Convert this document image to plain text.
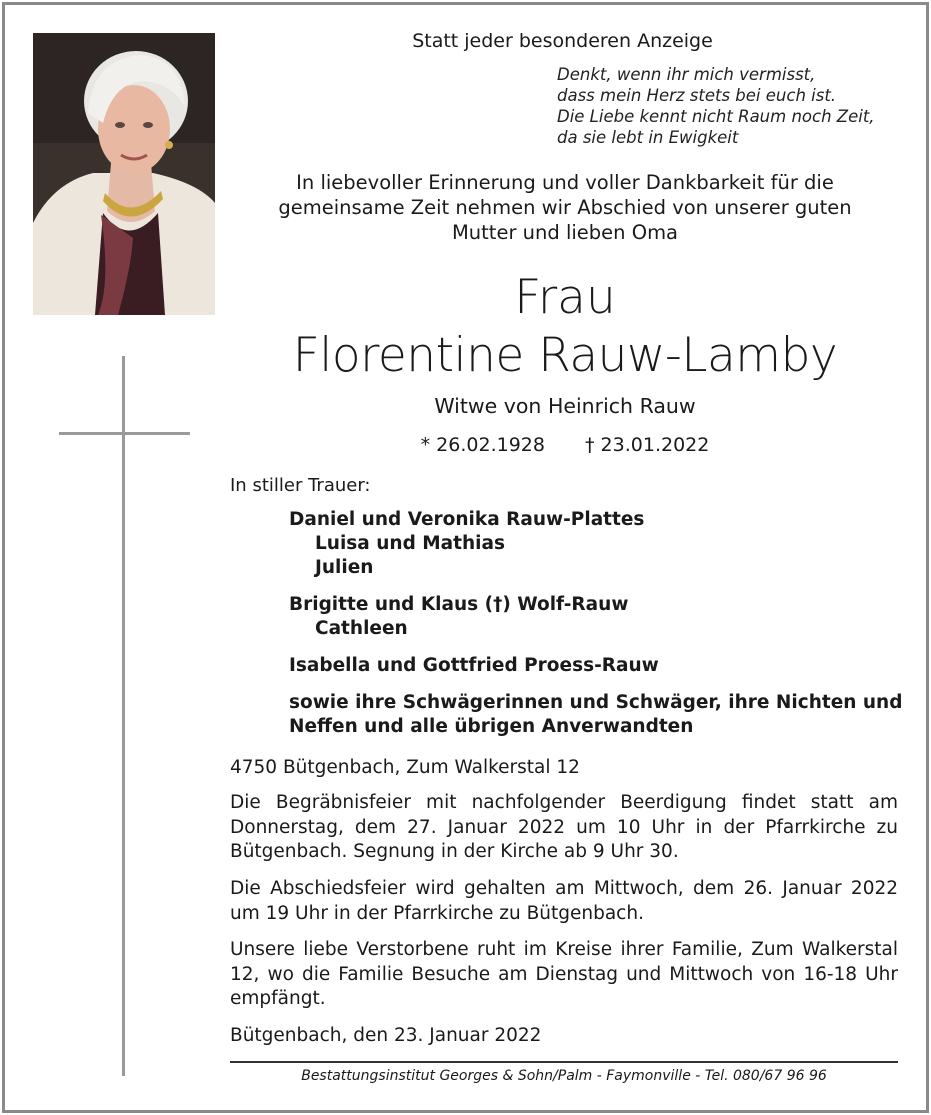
Statt jeder besonderen Anzeige
Denkt, wenn ihr mich vermisst,
dass mein Herz stets bei euch ist.
Die Liebe kennt nicht Raum noch Zeit,
da sie lebt in Ewigkeit
In liebevoller Erinnerung und voller Dankbarkeit für die
gemeinsame Zeit nehmen wir Abschied von unserer guten
Mutter und lieben Oma
Frau
Florentine Rauw-Lamby
Witwe von Heinrich Rauw
* 26.02.1928 † 23.01.2022
In stiller Trauer:
Daniel und Veronika Rauw-Plattes
Luisa und Mathias
Julien
Brigitte und Klaus (†) Wolf-Rauw
Cathleen
Isabella und Gottfried Proess-Rauw
sowie ihre Schwägerinnen und Schwäger, ihre Nichten und Neffen und alle übrigen Anverwandten
4750 Bütgenbach, Zum Walkerstal 12
Die Begräbnisfeier mit nachfolgender Beerdigung findet statt am Donnerstag, dem 27. Januar 2022 um 10 Uhr in der Pfarrkirche zu Bütgenbach. Segnung in der Kirche ab 9 Uhr 30.
Die Abschiedsfeier wird gehalten am Mittwoch, dem 26. Januar 2022 um 19 Uhr in der Pfarrkirche zu Bütgenbach.
Unsere liebe Verstorbene ruht im Kreise ihrer Familie, Zum Walkerstal 12, wo die Familie Besuche am Dienstag und Mittwoch von 16-18 Uhr empfängt.
Bütgenbach, den 23. Januar 2022
Bestattungsinstitut Georges & Sohn/Palm - Faymonville - Tel. 080/67 96 96
